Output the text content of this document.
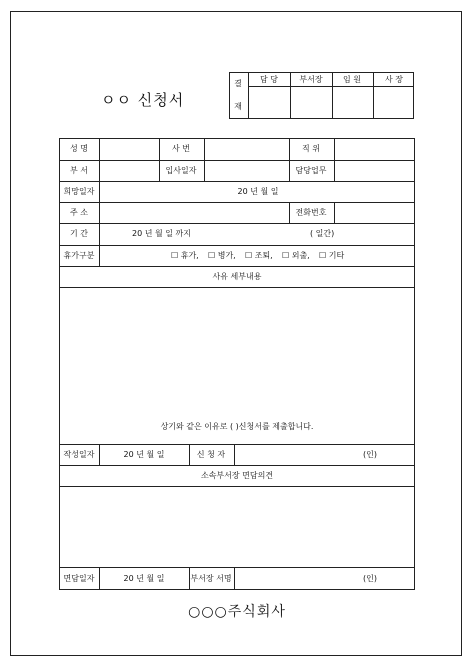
ㅇㅇ 신청서
결
재
담 당	부서장	임 원	사 장
성 명	사 번	직 위
부 서	입사일자	담당업무
희망일자	20 년 월 일
주 소	전화번호
기 간	20 년 월 일 까지	( 일간)
휴가구분	☐ 휴가, ☐ 병가, ☐ 조퇴, ☐ 외출, ☐ 기타
사유 세부내용
상기와 같은 이유로 ( )신청서를 제출합니다.
작성일자	20 년 월 일	신 청 자	(인)
소속부서장 면담의견
면담일자	20 년 월 일	부서장 서명	(인)
○○○주식회사
